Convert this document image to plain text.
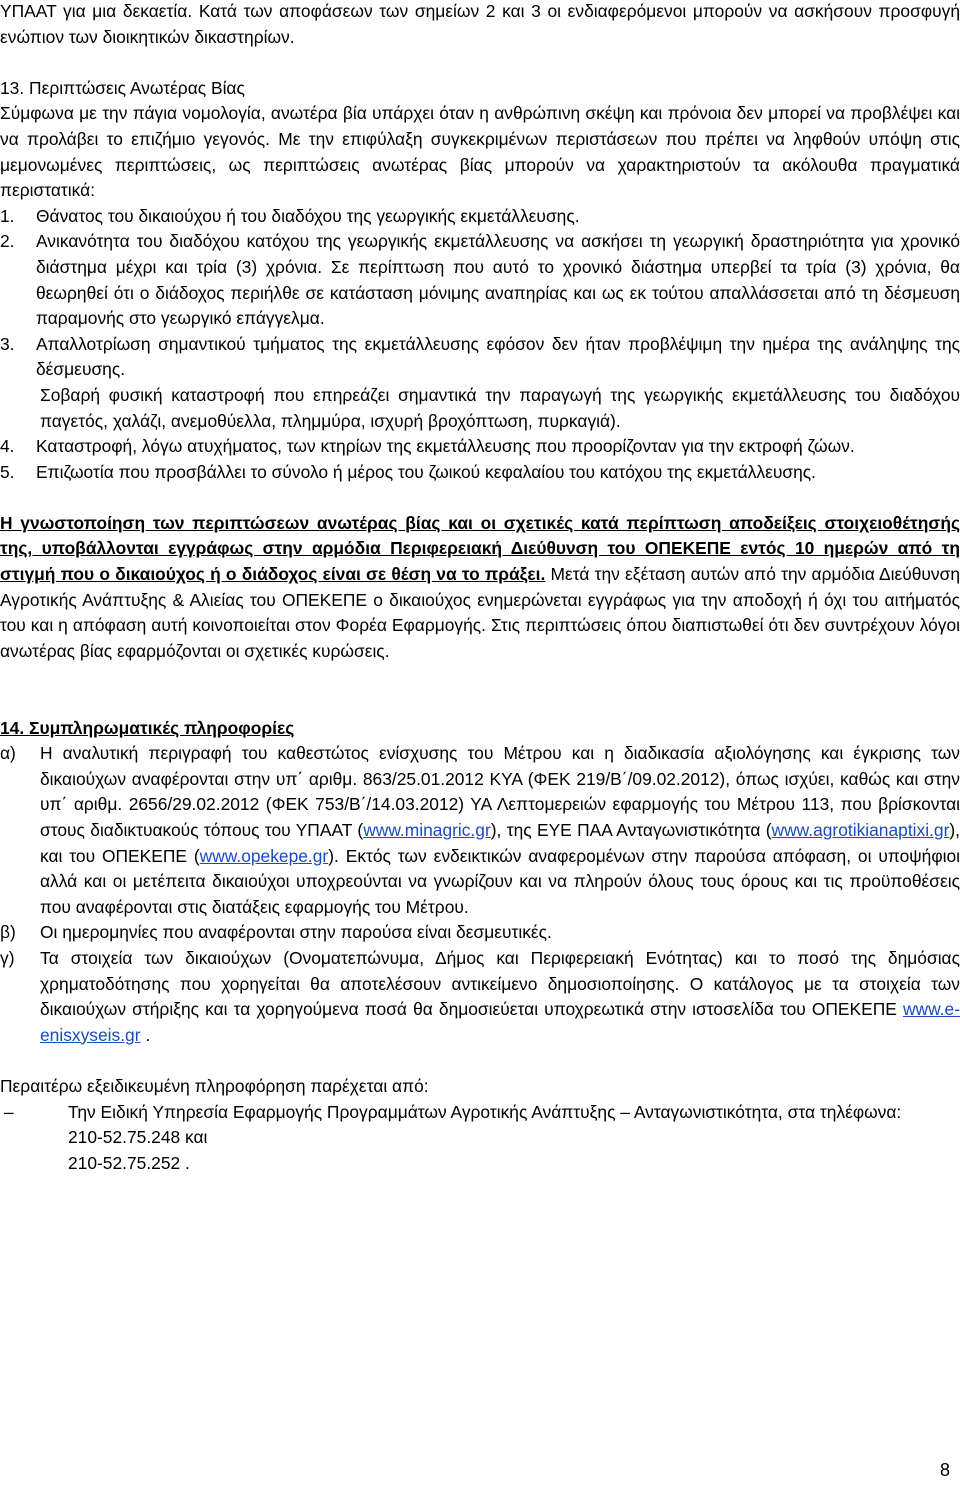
ΥΠΑΑΤ για μια δεκαετία. Κατά των αποφάσεων των σημείων 2 και 3 οι ενδιαφερόμενοι μπορούν να ασκήσουν προσφυγή ενώπιον των διοικητικών δικαστηρίων.

13. Περιπτώσεις Ανωτέρας Βίας

Σύμφωνα με την πάγια νομολογία, ανωτέρα βία υπάρχει όταν η ανθρώπινη σκέψη και πρόνοια δεν μπορεί να προβλέψει και να προλάβει το επιζήμιο γεγονός. Με την επιφύλαξη συγκεκριμένων περιστάσεων που πρέπει να ληφθούν υπόψη στις μεμονωμένες περιπτώσεις, ως περιπτώσεις ανωτέρας βίας μπορούν να χαρακτηριστούν τα ακόλουθα πραγματικά περιστατικά:

1.	Θάνατος του δικαιούχου ή του διαδόχου της γεωργικής εκμετάλλευσης.
2.	Ανικανότητα του διαδόχου κατόχου της γεωργικής εκμετάλλευσης να ασκήσει τη γεωργική δραστηριότητα για χρονικό διάστημα μέχρι και τρία (3) χρόνια. Σε περίπτωση που αυτό το χρονικό διάστημα υπερβεί τα τρία (3) χρόνια, θα θεωρηθεί ότι ο διάδοχος περιήλθε σε κατάσταση μόνιμης αναπηρίας και ως εκ τούτου απαλλάσσεται από τη δέσμευση παραμονής στο γεωργικό επάγγελμα.
3.	Απαλλοτρίωση σημαντικού τμήματος της εκμετάλλευσης εφόσον δεν ήταν προβλέψιμη την ημέρα της ανάληψης της δέσμευσης.

Σοβαρή φυσική καταστροφή που επηρεάζει σημαντικά την παραγωγή της γεωργικής εκμετάλλευσης του διαδόχου παγετός, χαλάζι, ανεμοθύελλα, πλημμύρα, ισχυρή βροχόπτωση, πυρκαγιά).

4.	Καταστροφή, λόγω ατυχήματος, των κτηρίων της εκμετάλλευσης που προορίζονταν για την εκτροφή ζώων.
5.	Επιζωοτία που προσβάλλει το σύνολο ή μέρος του ζωικού κεφαλαίου του κατόχου της εκμετάλλευσης.

Η γνωστοποίηση των περιπτώσεων ανωτέρας βίας και οι σχετικές κατά περίπτωση αποδείξεις στοιχειοθέτησής της, υποβάλλονται εγγράφως στην αρμόδια Περιφερειακή Διεύθυνση του ΟΠΕΚΕΠΕ εντός 10 ημερών από τη στιγμή που ο δικαιούχος ή ο διάδοχος είναι σε θέση να το πράξει. Μετά την εξέταση αυτών από την αρμόδια Διεύθυνση Αγροτικής Ανάπτυξης & Αλιείας του ΟΠΕΚΕΠΕ ο δικαιούχος ενημερώνεται εγγράφως για την αποδοχή ή όχι του αιτήματός του και η απόφαση αυτή κοινοποιείται στον Φορέα Εφαρμογής. Στις περιπτώσεις όπου διαπιστωθεί ότι δεν συντρέχουν λόγοι ανωτέρας βίας εφαρμόζονται οι σχετικές κυρώσεις.

14. Συμπληρωματικές πληροφορίες

α)	Η αναλυτική περιγραφή του καθεστώτος ενίσχυσης του Μέτρου και η διαδικασία αξιολόγησης και έγκρισης των δικαιούχων αναφέρονται στην υπ΄ αριθμ. 863/25.01.2012 ΚΥΑ (ΦΕΚ 219/Β΄/09.02.2012), όπως ισχύει, καθώς και στην υπ΄ αριθμ. 2656/29.02.2012 (ΦΕΚ 753/Β΄/14.03.2012) ΥΑ Λεπτομερειών εφαρμογής του Μέτρου 113, που βρίσκονται στους διαδικτυακούς τόπους του ΥΠΑΑΤ (www.minagric.gr), της ΕΥΕ ΠΑΑ Ανταγωνιστικότητα (www.agrotikianaptixi.gr), και του ΟΠΕΚΕΠΕ (www.opekepe.gr). Εκτός των ενδεικτικών αναφερομένων στην παρούσα απόφαση, οι υποψήφιοι αλλά και οι μετέπειτα δικαιούχοι υποχρεούνται να γνωρίζουν και να πληρούν όλους τους όρους και τις προϋποθέσεις που αναφέρονται στις διατάξεις εφαρμογής του Μέτρου.
β)	Οι ημερομηνίες που αναφέρονται στην παρούσα είναι δεσμευτικές.
γ)	Τα στοιχεία των δικαιούχων (Ονοματεπώνυμα, Δήμος και Περιφερειακή Ενότητας) και το ποσό της δημόσιας χρηματοδότησης που χορηγείται θα αποτελέσουν αντικείμενο δημοσιοποίησης. Ο κατάλογος με τα στοιχεία των δικαιούχων στήριξης και τα χορηγούμενα ποσά θα δημοσιεύεται υποχρεωτικά στην ιστοσελίδα του ΟΠΕΚΕΠΕ www.e-enisxyseis.gr .

Περαιτέρω εξειδικευμένη πληροφόρηση παρέχεται από:

–	Την Ειδική Υπηρεσία Εφαρμογής Προγραμμάτων Αγροτικής Ανάπτυξης – Ανταγωνιστικότητα, στα τηλέφωνα:

210-52.75.248 και

210-52.75.252 .

8
